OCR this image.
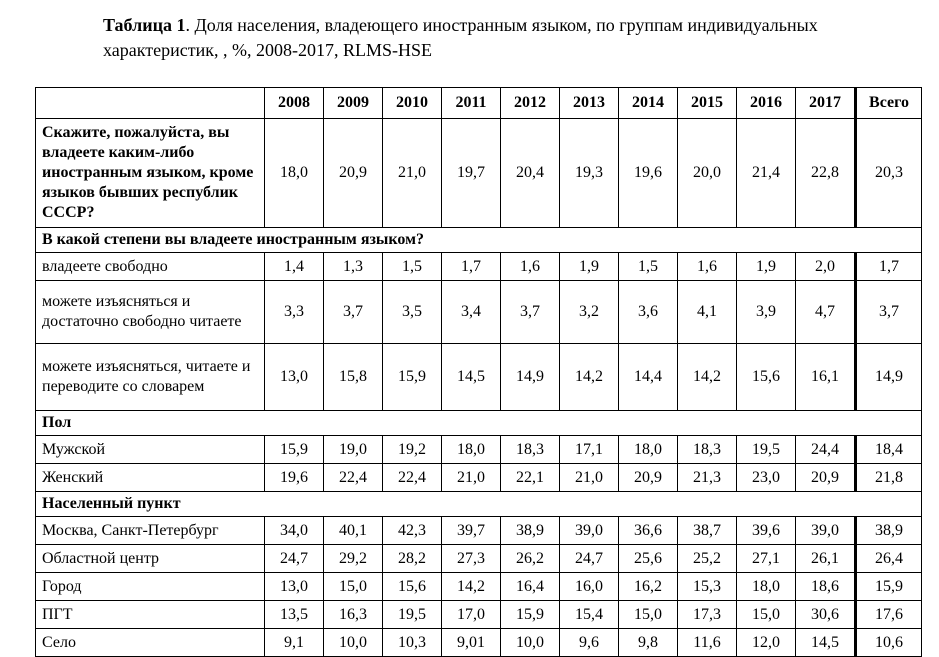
Таблица 1. Доля населения, владеющего иностранным языком, по группам индивидуальных характеристик, , %, 2008-2017, RLMS-HSE
	2008	2009	2010	2011	2012	2013	2014	2015	2016	2017	Всего
Скажите, пожалуйста, вы владеете каким-либо иностранным языком, кроме языков бывших республик СССР?	18,0	20,9	21,0	19,7	20,4	19,3	19,6	20,0	21,4	22,8	20,3
В какой степени вы владеете иностранным языком?											
владеете свободно	1,4	1,3	1,5	1,7	1,6	1,9	1,5	1,6	1,9	2,0	1,7
можете изъясняться и достаточно свободно читаете	3,3	3,7	3,5	3,4	3,7	3,2	3,6	4,1	3,9	4,7	3,7
можете изъясняться, читаете и переводите со словарем	13,0	15,8	15,9	14,5	14,9	14,2	14,4	14,2	15,6	16,1	14,9
Пол											
Мужской	15,9	19,0	19,2	18,0	18,3	17,1	18,0	18,3	19,5	24,4	18,4
Женский	19,6	22,4	22,4	21,0	22,1	21,0	20,9	21,3	23,0	20,9	21,8
Населенный пункт											
Москва, Санкт-Петербург	34,0	40,1	42,3	39,7	38,9	39,0	36,6	38,7	39,6	39,0	38,9
Областной центр	24,7	29,2	28,2	27,3	26,2	24,7	25,6	25,2	27,1	26,1	26,4
Город	13,0	15,0	15,6	14,2	16,4	16,0	16,2	15,3	18,0	18,6	15,9
ПГТ	13,5	16,3	19,5	17,0	15,9	15,4	15,0	17,3	15,0	30,6	17,6
Село	9,1	10,0	10,3	9,01	10,0	9,6	9,8	11,6	12,0	14,5	10,6
